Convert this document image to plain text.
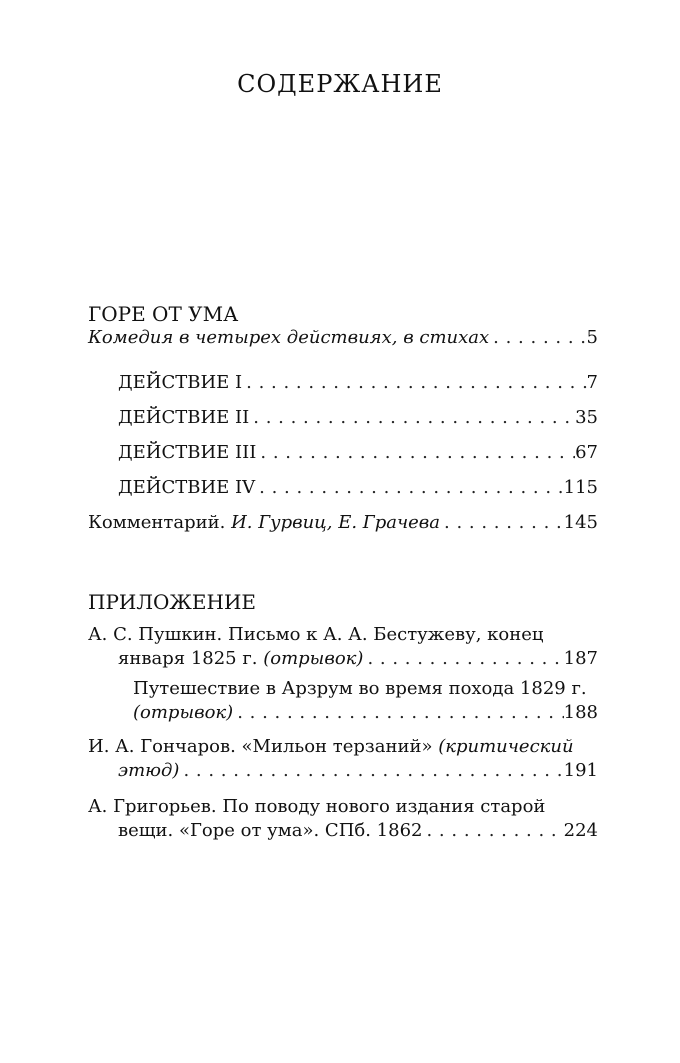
СОДЕРЖАНИЕ
ГОРЕ ОТ УМА
Комедия в четырех действиях, в стихах . . .	5
ДЕЙСТВИЕ I . . .	7
ДЕЙСТВИЕ II . . .	35
ДЕЙСТВИЕ III . . .	67
ДЕЙСТВИЕ IV . . .	115
Комментарий. И. Гурвиц, Е. Грачева . . .	145
ПРИЛОЖЕНИЕ
А. С. Пушкин. Письмо к А. А. Бестужеву, конец
января 1825 г. (отрывок) . . .	187
Путешествие в Арзрум во время похода 1829 г.
(отрывок) . . .	188
И. А. Гончаров. «Мильон терзаний» (критический
этюд) . . .	191
А. Григорьев. По поводу нового издания старой
вещи. «Горе от ума». СПб. 1862 . . .	224
